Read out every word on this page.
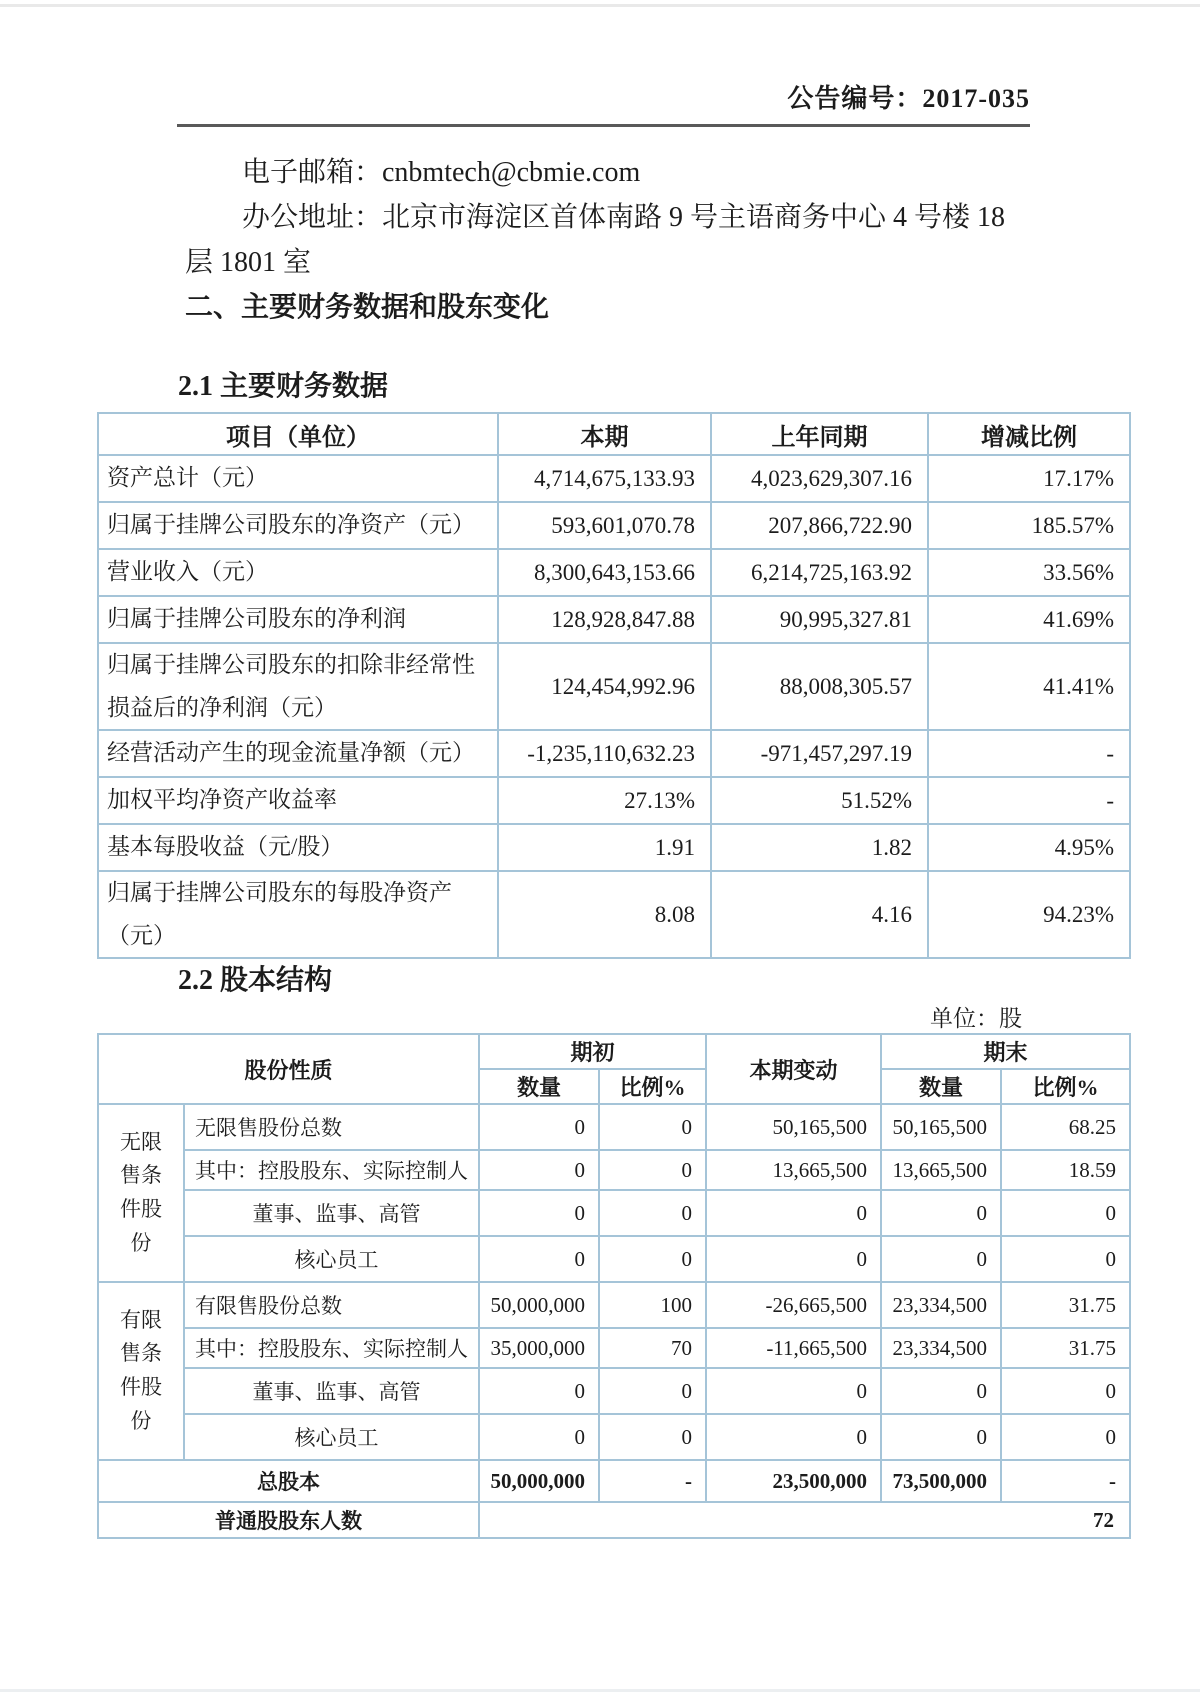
公告编号：2017-035
电子邮箱：cnbmtech@cbmie.com
办公地址：北京市海淀区首体南路 9 号主语商务中心 4 号楼 18
层 1801 室
二、主要财务数据和股东变化
2.1 主要财务数据
项目（单位）	本期	上年同期	增减比例
资产总计（元）	4,714,675,133.93	4,023,629,307.16	17.17%
归属于挂牌公司股东的净资产（元）	593,601,070.78	207,866,722.90	185.57%
营业收入（元）	8,300,643,153.66	6,214,725,163.92	33.56%
归属于挂牌公司股东的净利润	128,928,847.88	90,995,327.81	41.69%
归属于挂牌公司股东的扣除非经常性损益后的净利润（元）	124,454,992.96	88,008,305.57	41.41%
经营活动产生的现金流量净额（元）	-1,235,110,632.23	-971,457,297.19	-
加权平均净资产收益率	27.13%	51.52%	-
基本每股收益（元/股）	1.91	1.82	4.95%
归属于挂牌公司股东的每股净资产（元）	8.08	4.16	94.23%
2.2 股本结构
单位：股
股份性质		期初		本期变动	期末	
		数量	比例%		数量	比例%
无限售条件股份	无限售股份总数	0	0	50,165,500	50,165,500	68.25
	其中：控股股东、实际控制人	0	0	13,665,500	13,665,500	18.59
	董事、监事、高管	0	0	0	0	0
	核心员工	0	0	0	0	0
有限售条件股份	有限售股份总数	50,000,000	100	-26,665,500	23,334,500	31.75
	其中：控股股东、实际控制人	35,000,000	70	-11,665,500	23,334,500	31.75
	董事、监事、高管	0	0	0	0	0
	核心员工	0	0	0	0	0
总股本		50,000,000	-	23,500,000	73,500,000	-
普通股股东人数		72				
